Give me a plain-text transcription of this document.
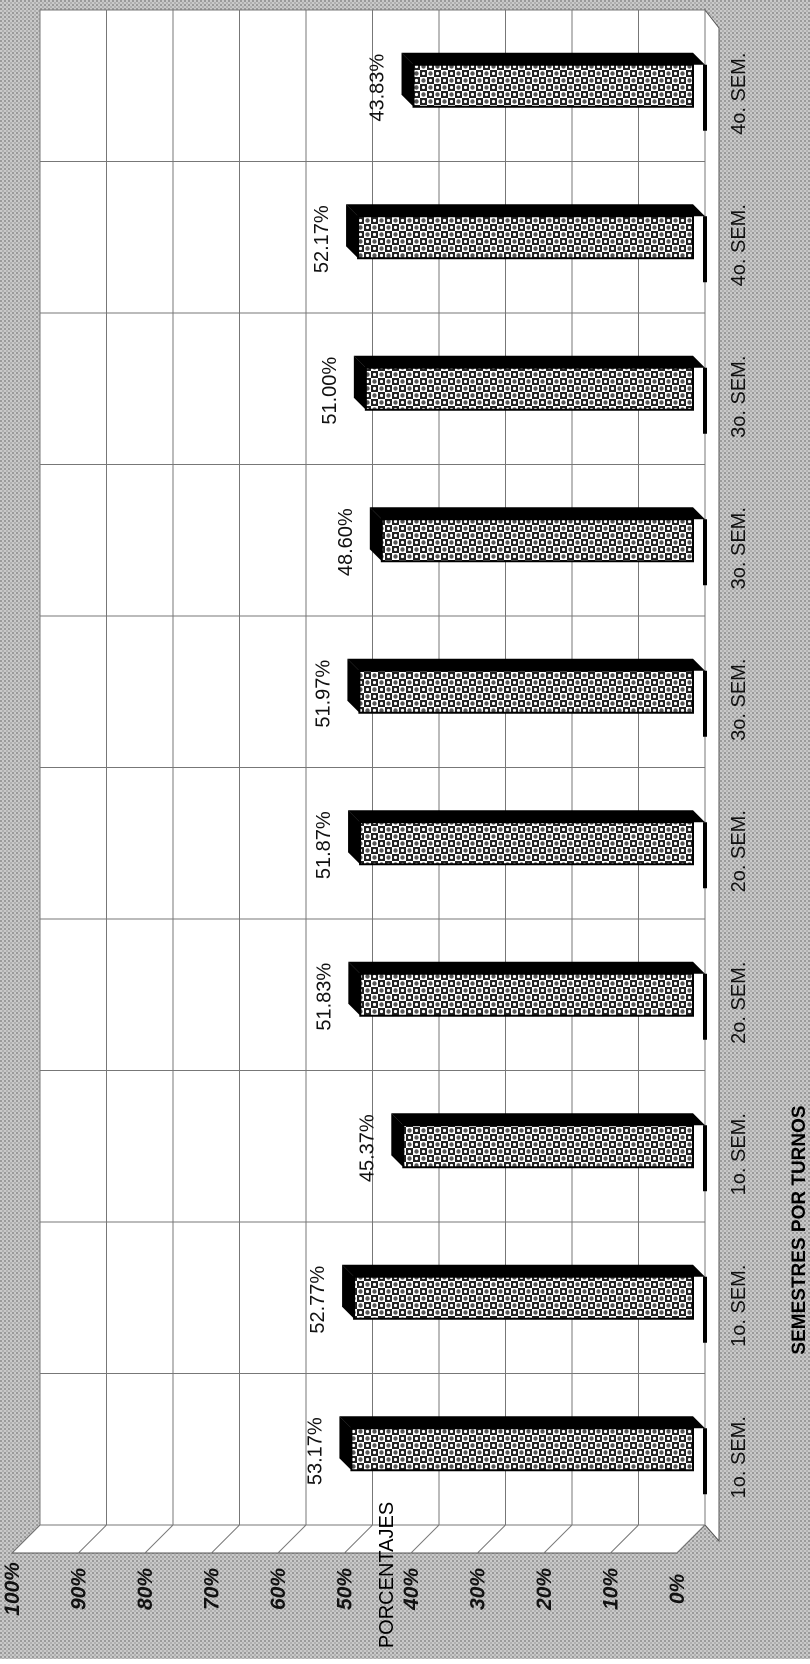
0%
10%
20%
30%
40%
50%
60%
70%
80%
90%
100%
53.17%	1o. SEM.
52.77%	1o. SEM.
45.37%	1o. SEM.
51.83%	2o. SEM.
51.87%	2o. SEM.
51.97%	3o. SEM.
48.60%	3o. SEM.
51.00%	3o. SEM.
52.17%	4o. SEM.
43.83%	4o. SEM.
SEMESTRES POR TURNOS
PORCENTAJES
